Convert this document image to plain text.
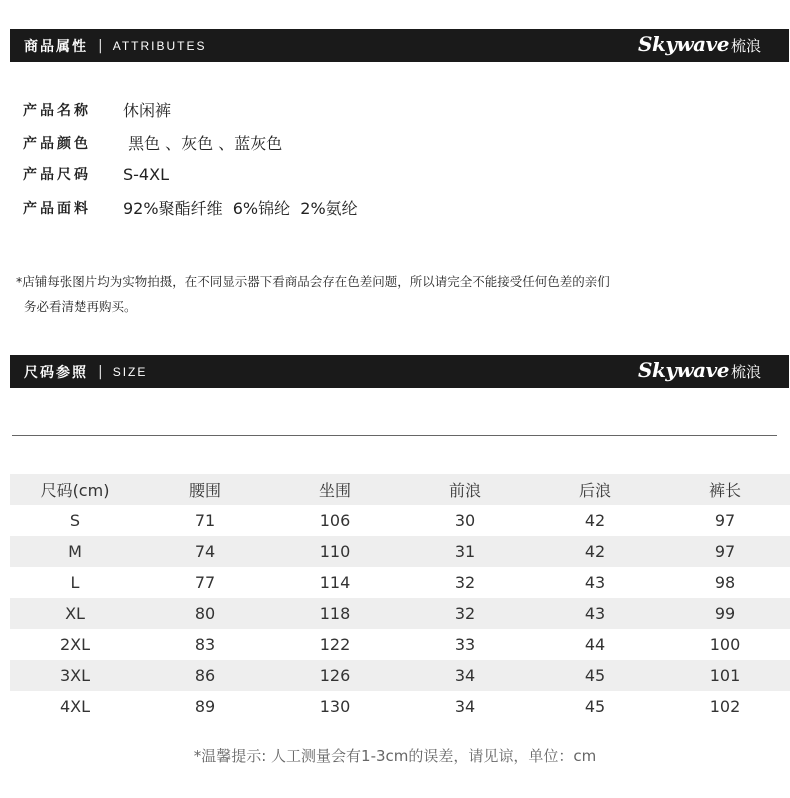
商品属性 | ATTRIBUTES	Skywave 梳浪
产品名称	休闲裤
产品颜色	黑色 、灰色 、蓝灰色
产品尺码	S-4XL
产品面料	92%聚酯纤维  6%锦纶  2%氨纶
*店铺每张图片均为实物拍摄，在不同显示器下看商品会存在色差问题，所以请完全不能接受任何色差的亲们
务必看清楚再购买。
尺码参照 | SIZE	Skywave 梳浪
尺码(cm)	腰围	坐围	前浪	后浪	裤长
S	71	106	30	42	97
M	74	110	31	42	97
L	77	114	32	43	98
XL	80	118	32	43	99
2XL	83	122	33	44	100
3XL	86	126	34	45	101
4XL	89	130	34	45	102
*温馨提示: 人工测量会有1-3cm的误差，请见谅，单位：cm
